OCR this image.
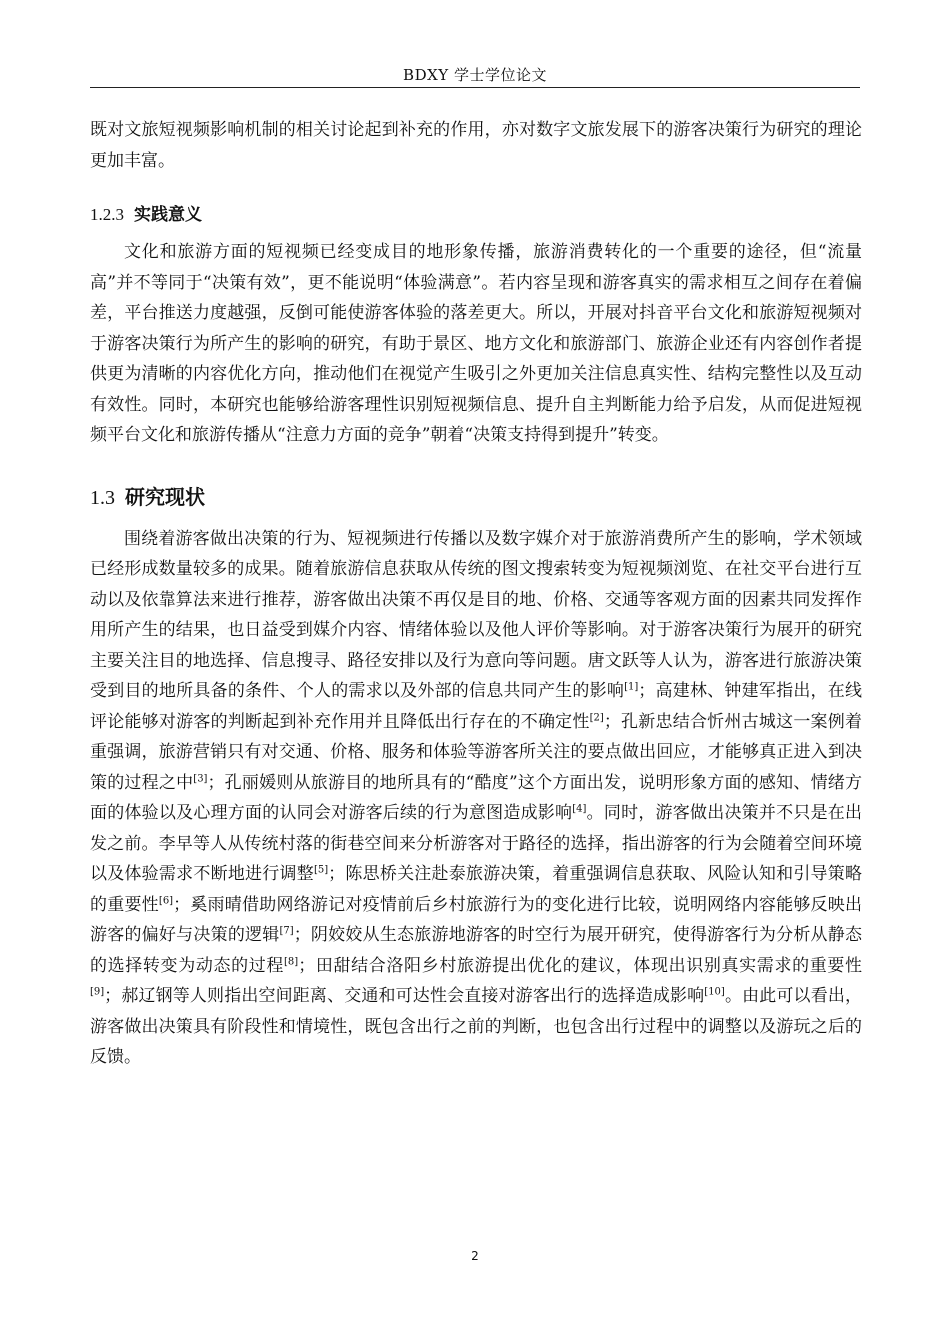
BDXY 学士学位论文

既对文旅短视频影响机制的相关讨论起到补充的作用，亦对数字文旅发展下的游客决策行为研究的理论更加丰富。

1.2.3 实践意义

文化和旅游方面的短视频已经变成目的地形象传播，旅游消费转化的一个重要的途径，但“流量高”并不等同于“决策有效”，更不能说明“体验满意”。若内容呈现和游客真实的需求相互之间存在着偏差，平台推送力度越强，反倒可能使游客体验的落差更大。所以，开展对抖音平台文化和旅游短视频对于游客决策行为所产生的影响的研究，有助于景区、地方文化和旅游部门、旅游企业还有内容创作者提供更为清晰的内容优化方向，推动他们在视觉产生吸引之外更加关注信息真实性、结构完整性以及互动有效性。同时，本研究也能够给游客理性识别短视频信息、提升自主判断能力给予启发，从而促进短视频平台文化和旅游传播从“注意力方面的竞争”朝着“决策支持得到提升”转变。

1.3 研究现状

围绕着游客做出决策的行为、短视频进行传播以及数字媒介对于旅游消费所产生的影响，学术领域已经形成数量较多的成果。随着旅游信息获取从传统的图文搜索转变为短视频浏览、在社交平台进行互动以及依靠算法来进行推荐，游客做出决策不再仅是目的地、价格、交通等客观方面的因素共同发挥作用所产生的结果，也日益受到媒介内容、情绪体验以及他人评价等影响。对于游客决策行为展开的研究主要关注目的地选择、信息搜寻、路径安排以及行为意向等问题。唐文跃等人认为，游客进行旅游决策受到目的地所具备的条件、个人的需求以及外部的信息共同产生的影响[1]；高建林、钟建军指出，在线评论能够对游客的判断起到补充作用并且降低出行存在的不确定性[2]；孔新忠结合忻州古城这一案例着重强调，旅游营销只有对交通、价格、服务和体验等游客所关注的要点做出回应，才能够真正进入到决策的过程之中[3]；孔丽媛则从旅游目的地所具有的“酷度”这个方面出发，说明形象方面的感知、情绪方面的体验以及心理方面的认同会对游客后续的行为意图造成影响[4]。同时，游客做出决策并不只是在出发之前。李早等人从传统村落的街巷空间来分析游客对于路径的选择，指出游客的行为会随着空间环境以及体验需求不断地进行调整[5]；陈思桥关注赴泰旅游决策，着重强调信息获取、风险认知和引导策略的重要性[6]；奚雨晴借助网络游记对疫情前后乡村旅游行为的变化进行比较，说明网络内容能够反映出游客的偏好与决策的逻辑[7]；阴姣姣从生态旅游地游客的时空行为展开研究，使得游客行为分析从静态的选择转变为动态的过程[8]；田甜结合洛阳乡村旅游提出优化的建议，体现出识别真实需求的重要性[9]；郝辽钢等人则指出空间距离、交通和可达性会直接对游客出行的选择造成影响[10]。由此可以看出，游客做出决策具有阶段性和情境性，既包含出行之前的判断，也包含出行过程中的调整以及游玩之后的反馈。

2
